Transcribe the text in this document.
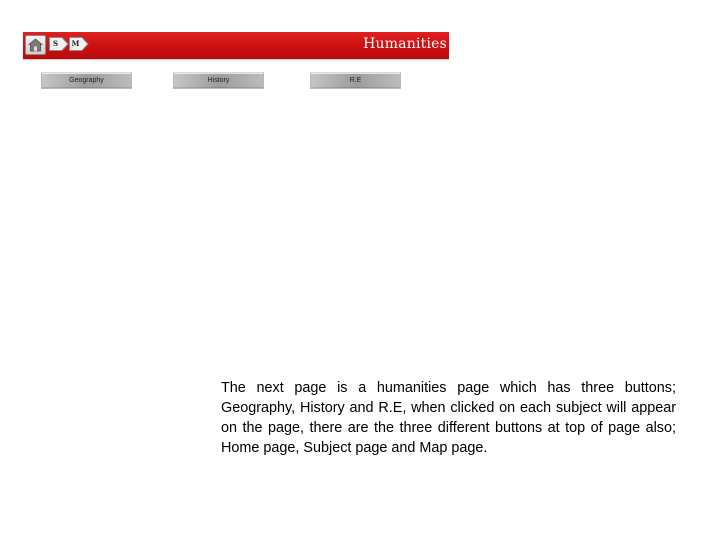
S	M	Humanities
Geography	History	R.E
The next page is a humanities page which has three buttons; Geography, History and R.E, when clicked on each subject will appear on the page, there are the three different buttons at top of page also; Home page, Subject page and Map page.
